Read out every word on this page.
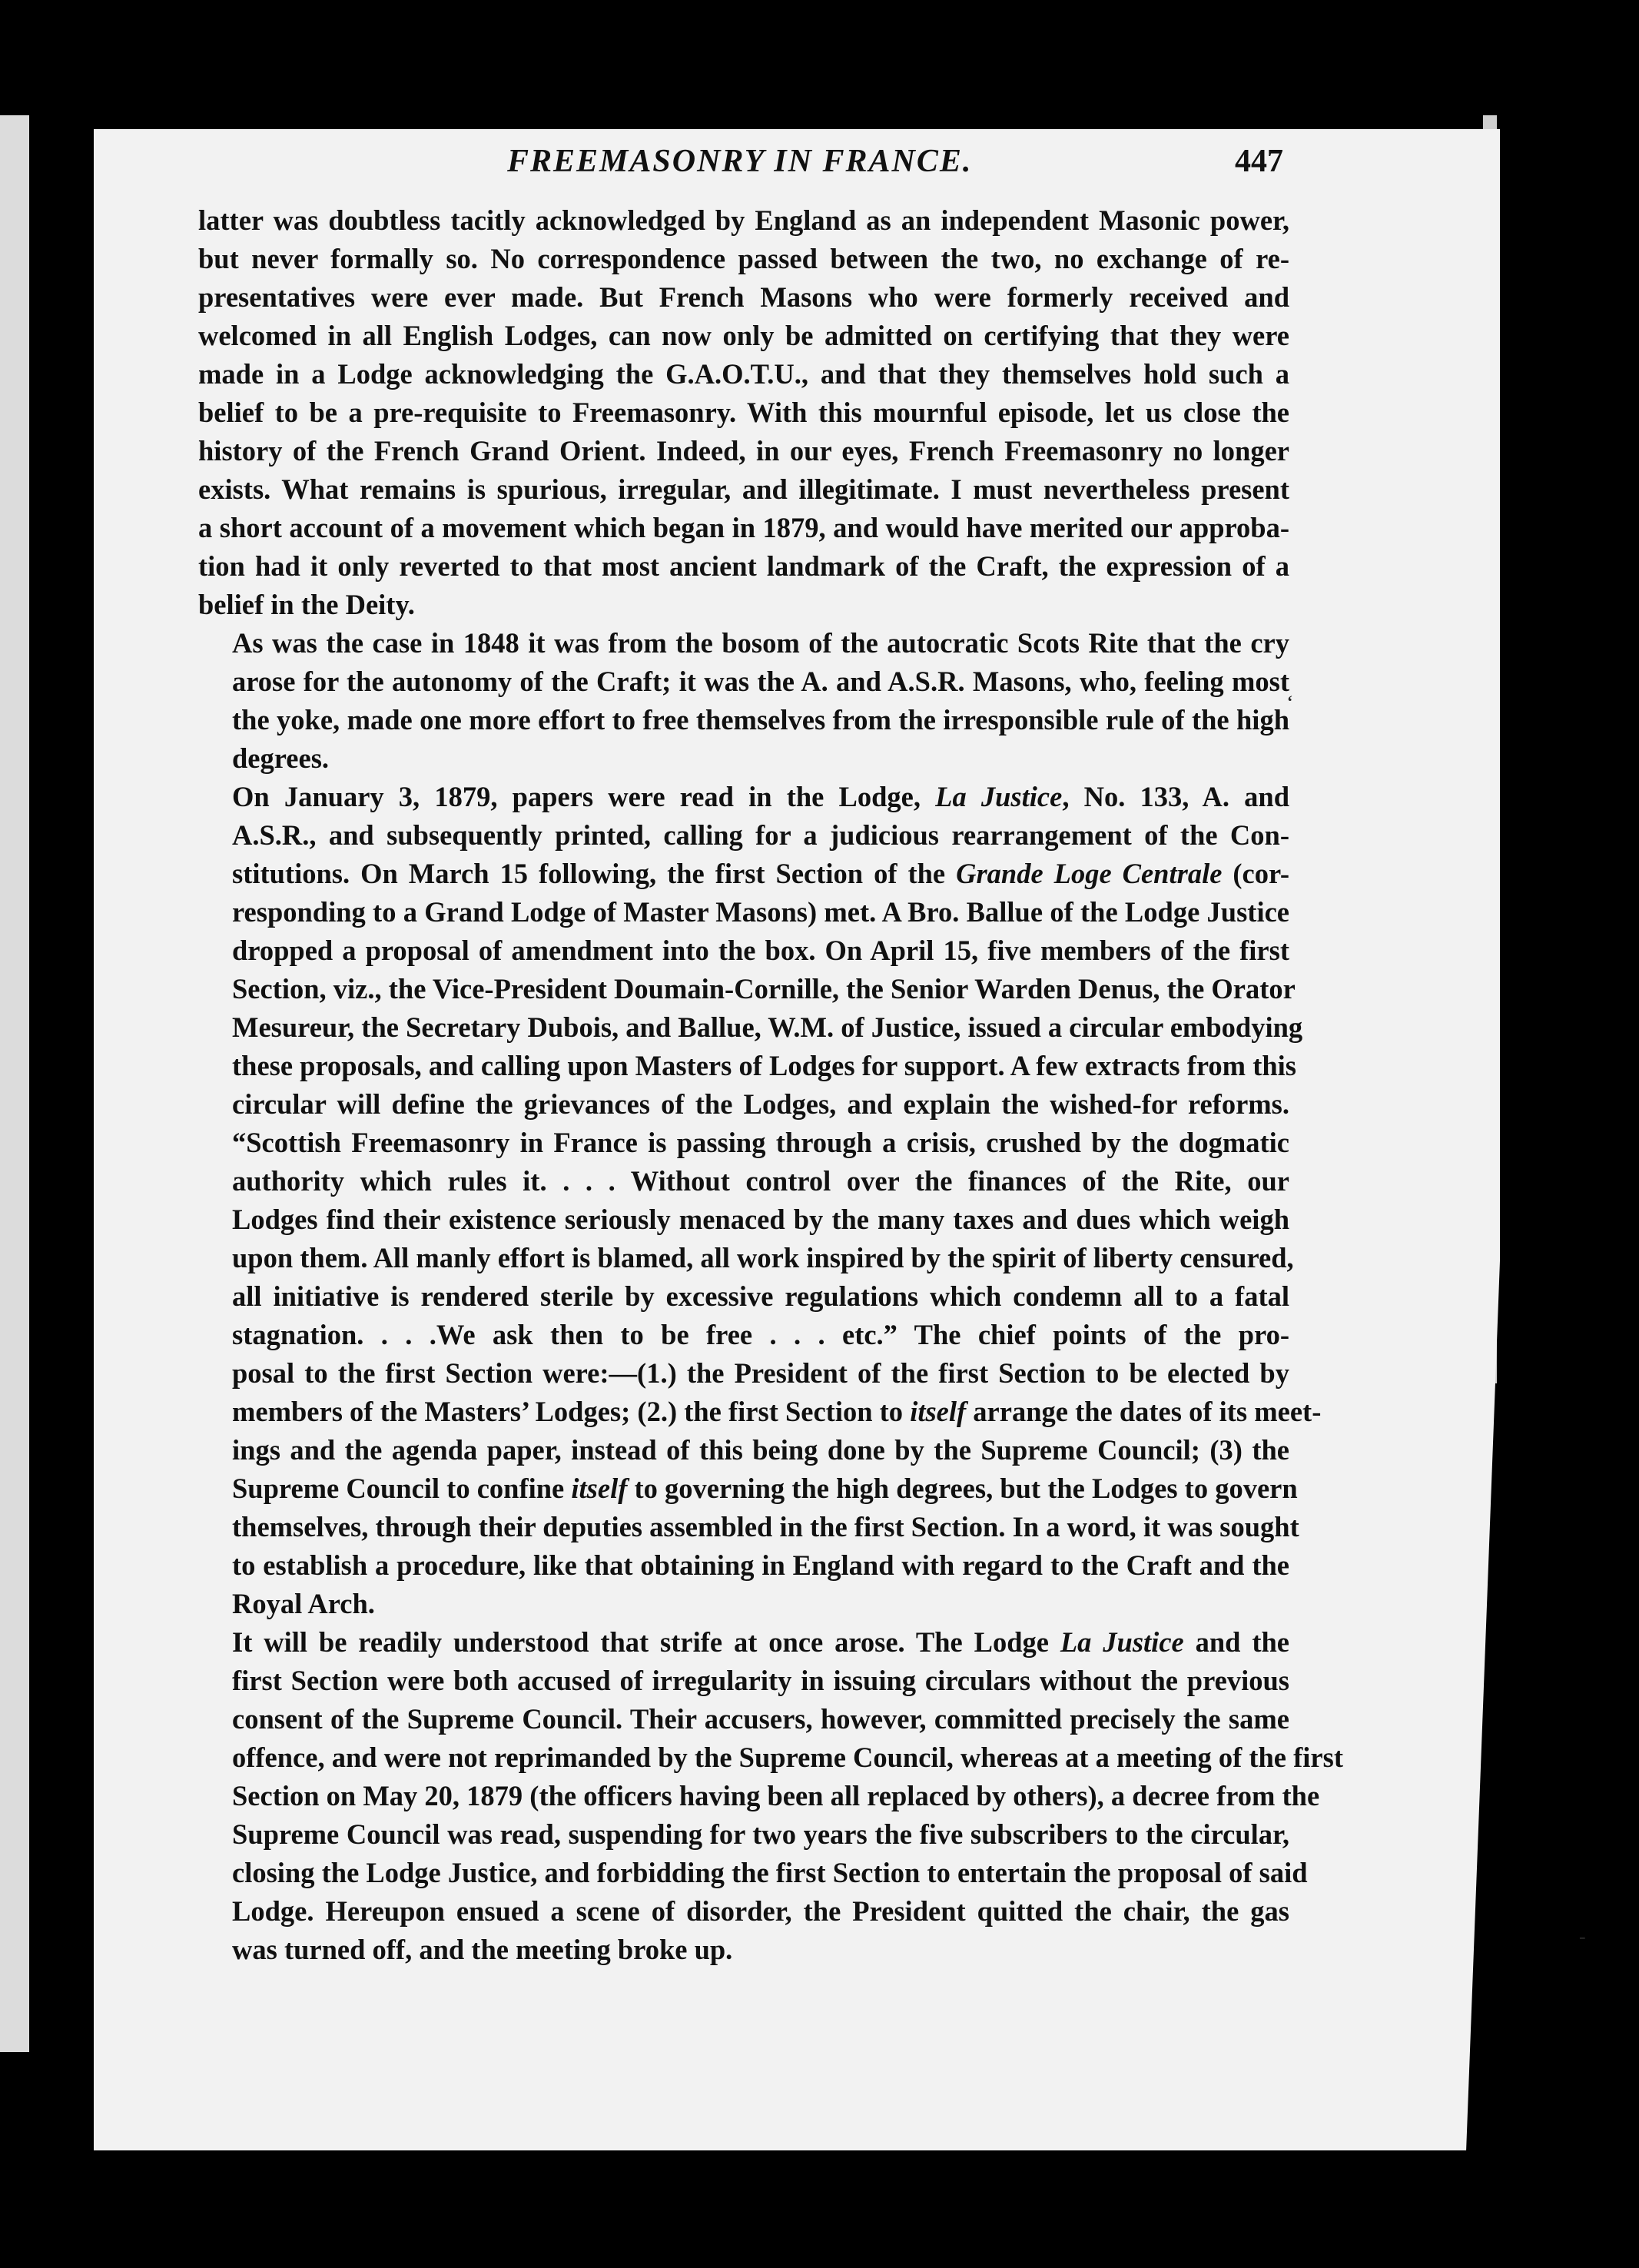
FREEMASONRY IN FRANCE.	447

latter was doubtless tacitly acknowledged by England as an independent Masonic power,
but never formally so. No correspondence passed between the two, no exchange of re-
presentatives were ever made. But French Masons who were formerly received and
welcomed in all English Lodges, can now only be admitted on certifying that they were
made in a Lodge acknowledging the G.A.O.T.U., and that they themselves hold such a
belief to be a pre-requisite to Freemasonry. With this mournful episode, let us close the
history of the French Grand Orient. Indeed, in our eyes, French Freemasonry no longer
exists. What remains is spurious, irregular, and illegitimate. I must nevertheless present
a short account of a movement which began in 1879, and would have merited our approba-
tion had it only reverted to that most ancient landmark of the Craft, the expression of a
belief in the Deity.

As was the case in 1848 it was from the bosom of the autocratic Scots Rite that the cry
arose for the autonomy of the Craft; it was the A. and A.S.R. Masons, who, feeling most
the yoke, made one more effort to free themselves from the irresponsible rule of the high
degrees.

On January 3, 1879, papers were read in the Lodge, La Justice, No. 133, A. and
A.S.R., and subsequently printed, calling for a judicious rearrangement of the Con-
stitutions. On March 15 following, the first Section of the Grande Loge Centrale (cor-
responding to a Grand Lodge of Master Masons) met. A Bro. Ballue of the Lodge Justice
dropped a proposal of amendment into the box. On April 15, five members of the first
Section, viz., the Vice-President Doumain-Cornille, the Senior Warden Denus, the Orator
Mesureur, the Secretary Dubois, and Ballue, W.M. of Justice, issued a circular embodying
these proposals, and calling upon Masters of Lodges for support. A few extracts from this
circular will define the grievances of the Lodges, and explain the wished-for reforms.
“Scottish Freemasonry in France is passing through a crisis, crushed by the dogmatic
authority which rules it. . . . Without control over the finances of the Rite, our
Lodges find their existence seriously menaced by the many taxes and dues which weigh
upon them. All manly effort is blamed, all work inspired by the spirit of liberty censured,
all initiative is rendered sterile by excessive regulations which condemn all to a fatal
stagnation. . . .We ask then to be free . . . etc.” The chief points of the pro-
posal to the first Section were:—(1.) the President of the first Section to be elected by
members of the Masters’ Lodges; (2.) the first Section to itself arrange the dates of its meet-
ings and the agenda paper, instead of this being done by the Supreme Council; (3) the
Supreme Council to confine itself to governing the high degrees, but the Lodges to govern
themselves, through their deputies assembled in the first Section. In a word, it was sought
to establish a procedure, like that obtaining in England with regard to the Craft and the
Royal Arch.

It will be readily understood that strife at once arose. The Lodge La Justice and the
first Section were both accused of irregularity in issuing circulars without the previous
consent of the Supreme Council. Their accusers, however, committed precisely the same
offence, and were not reprimanded by the Supreme Council, whereas at a meeting of the first
Section on May 20, 1879 (the officers having been all replaced by others), a decree from the
Supreme Council was read, suspending for two years the five subscribers to the circular,
closing the Lodge Justice, and forbidding the first Section to entertain the proposal of said
Lodge. Hereupon ensued a scene of disorder, the President quitted the chair, the gas
was turned off, and the meeting broke up.

‘
-
